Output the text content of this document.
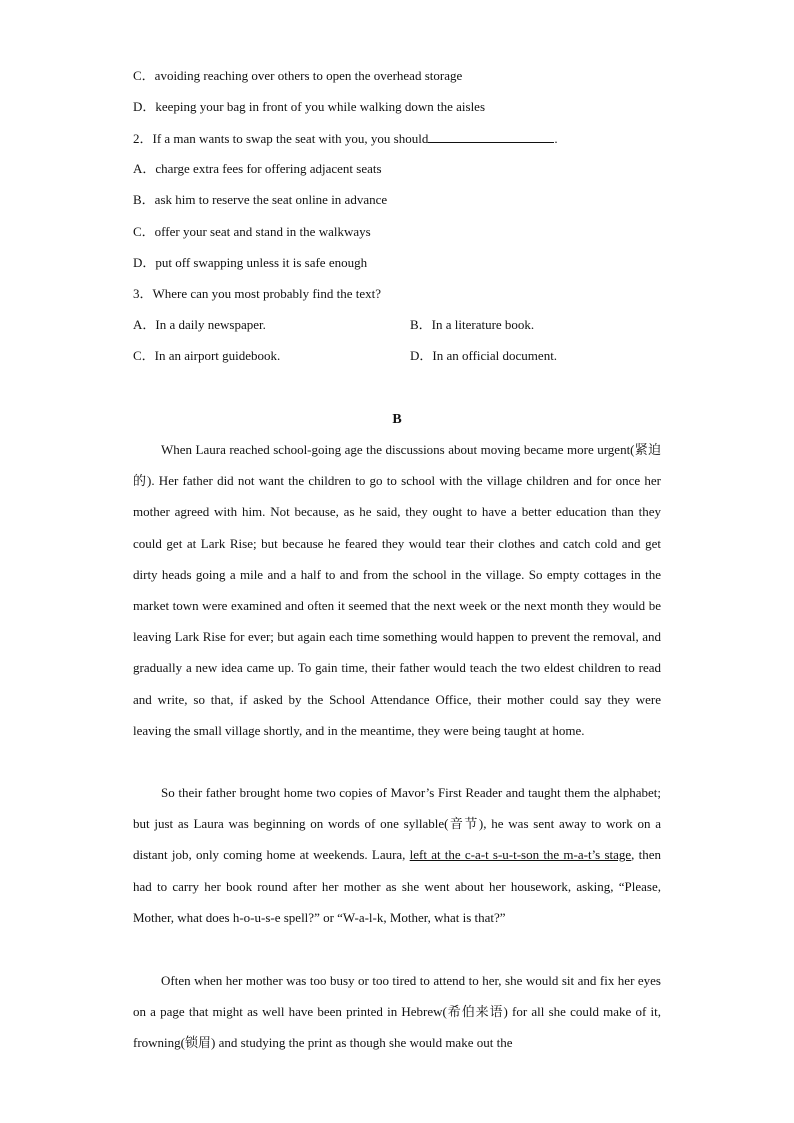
C．avoiding reaching over others to open the overhead storage
D．keeping your bag in front of you while walking down the aisles
2．If a man wants to swap the seat with you, you should	.
A．charge extra fees for offering adjacent seats
B．ask him to reserve the seat online in advance
C．offer your seat and stand in the walkways
D．put off swapping unless it is safe enough
3．Where can you most probably find the text?
A．In a daily newspaper.	B．In a literature book.
C．In an airport guidebook.	D．In an official document.
B

When Laura reached school-going age the discussions about moving became more urgent(紧迫的). Her father did not want the children to go to school with the village children and for once her mother agreed with him. Not because, as he said, they ought to have a better education than they could get at Lark Rise; but because he feared they would tear their clothes and catch cold and get dirty heads going a mile and a half to and from the school in the village. So empty cottages in the market town were examined and often it seemed that the next week or the next month they would be leaving Lark Rise for ever; but again each time something would happen to prevent the removal, and gradually a new idea came up. To gain time, their father would teach the two eldest children to read and write, so that, if asked by the School Attendance Office, their mother could say they were leaving the small village shortly, and in the meantime, they were being taught at home.

So their father brought home two copies of Mavor’s First Reader and taught them the alphabet; but just as Laura was beginning on words of one syllable(音节), he was sent away to work on a distant job, only coming home at weekends. Laura, left at the c-a-t s-u-t-son the m-a-t’s stage, then had to carry her book round after her mother as she went about her housework, asking, “Please, Mother, what does h-o-u-s-e spell?” or “W-a-l-k, Mother, what is that?”

Often when her mother was too busy or too tired to attend to her, she would sit and fix her eyes on a page that might as well have been printed in Hebrew(希伯来语) for all she could make of it, frowning(锁眉) and studying the print as though she would make out the
